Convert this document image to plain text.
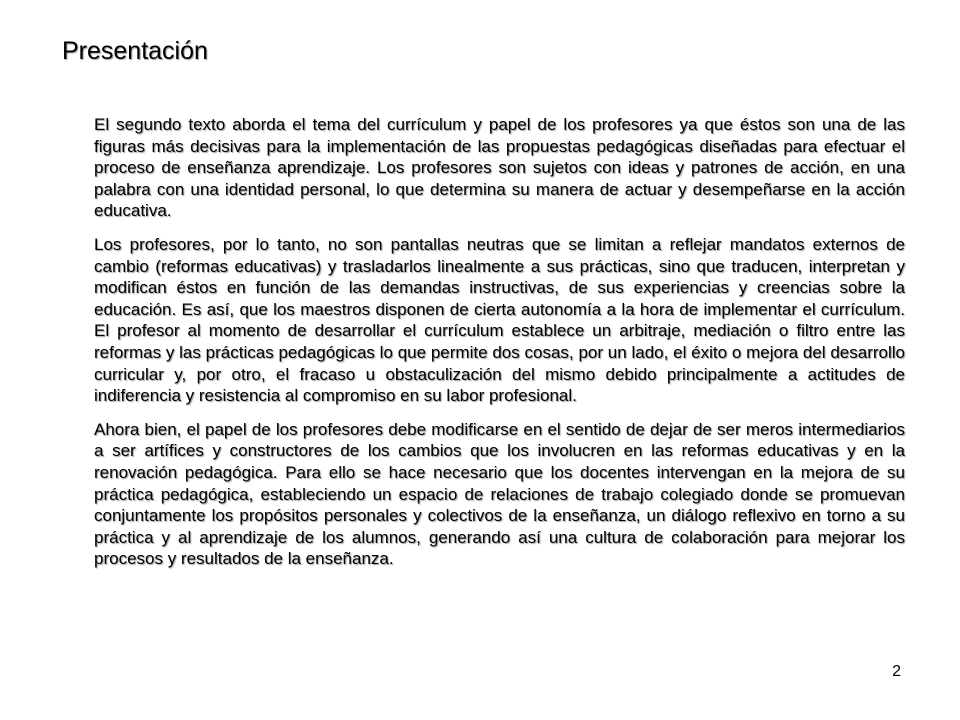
Presentación

El segundo texto aborda el tema del currículum y papel de los profesores ya que éstos son una de las figuras más decisivas para la implementación de las propuestas pedagógicas diseñadas para efectuar el proceso de enseñanza aprendizaje. Los profesores son sujetos con ideas y patrones de acción, en una palabra con una identidad personal, lo que determina su manera de actuar y desempeñarse en la acción educativa.

Los profesores, por lo tanto, no son pantallas neutras que se limitan a reflejar mandatos externos de cambio (reformas educativas) y trasladarlos linealmente a sus prácticas, sino que traducen, interpretan y modifican éstos en función de las demandas instructivas, de sus experiencias y creencias sobre la educación. Es así, que los maestros disponen de cierta autonomía a la hora de implementar el currículum. El profesor al momento de desarrollar el currículum establece un arbitraje, mediación o filtro entre las reformas y las prácticas pedagógicas lo que permite dos cosas, por un lado, el éxito o mejora del desarrollo curricular y, por otro, el fracaso u obstaculización del mismo debido principalmente a actitudes de indiferencia y resistencia al compromiso en su labor profesional.

Ahora bien, el papel de los profesores debe modificarse en el sentido de dejar de ser meros intermediarios a ser artífices y constructores de los cambios que los involucren en las reformas educativas y en la renovación pedagógica. Para ello se hace necesario que los docentes intervengan en la mejora de su práctica pedagógica, estableciendo un espacio de relaciones de trabajo colegiado donde se promuevan conjuntamente los propósitos personales y colectivos de la enseñanza, un diálogo reflexivo en torno a su práctica y al aprendizaje de los alumnos, generando así una cultura de colaboración para mejorar los procesos y resultados de la enseñanza.

2
